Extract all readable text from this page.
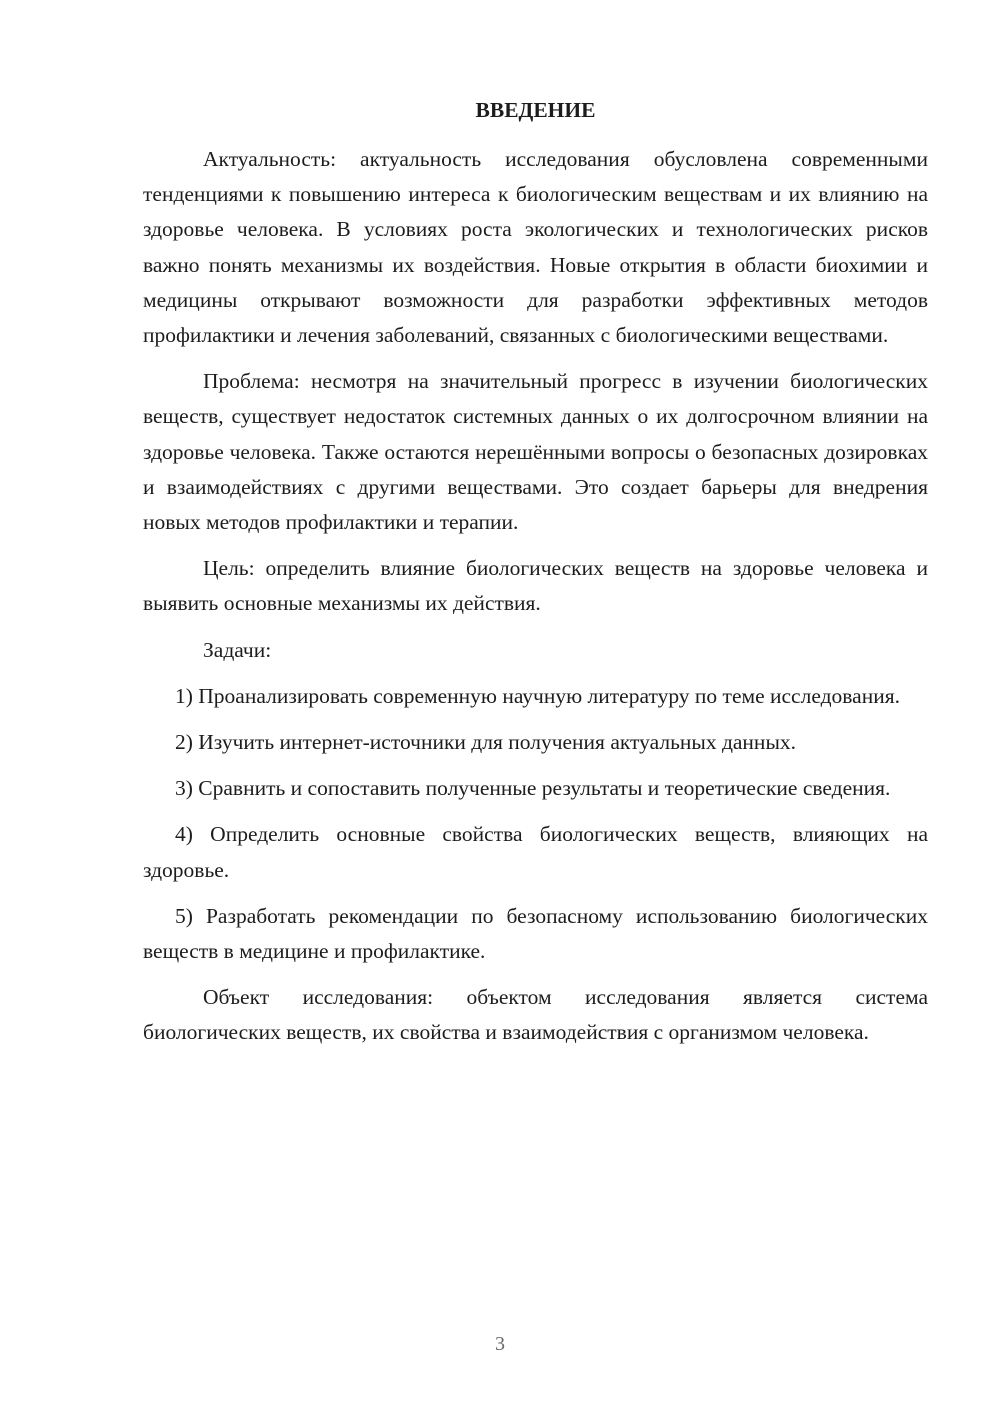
ВВЕДЕНИЕ

Актуальность: актуальность исследования обусловлена современными тенденциями к повышению интереса к биологическим веществам и их влиянию на здоровье человека. В условиях роста экологических и технологических рисков важно понять механизмы их воздействия. Новые открытия в области биохимии и медицины открывают возможности для разработки эффективных методов профилактики и лечения заболеваний, связанных с биологическими веществами.

Проблема: несмотря на значительный прогресс в изучении биологических веществ, существует недостаток системных данных о их долгосрочном влиянии на здоровье человека. Также остаются нерешёнными вопросы о безопасных дозировках и взаимодействиях с другими веществами. Это создает барьеры для внедрения новых методов профилактики и терапии.

Цель: определить влияние биологических веществ на здоровье человека и выявить основные механизмы их действия.

Задачи:

1) Проанализировать современную научную литературу по теме исследования.

2) Изучить интернет-источники для получения актуальных данных.

3) Сравнить и сопоставить полученные результаты и теоретические сведения.

4) Определить основные свойства биологических веществ, влияющих на здоровье.

5) Разработать рекомендации по безопасному использованию биологических веществ в медицине и профилактике.

Объект исследования: объектом исследования является система биологических веществ, их свойства и взаимодействия с организмом человека.

3
